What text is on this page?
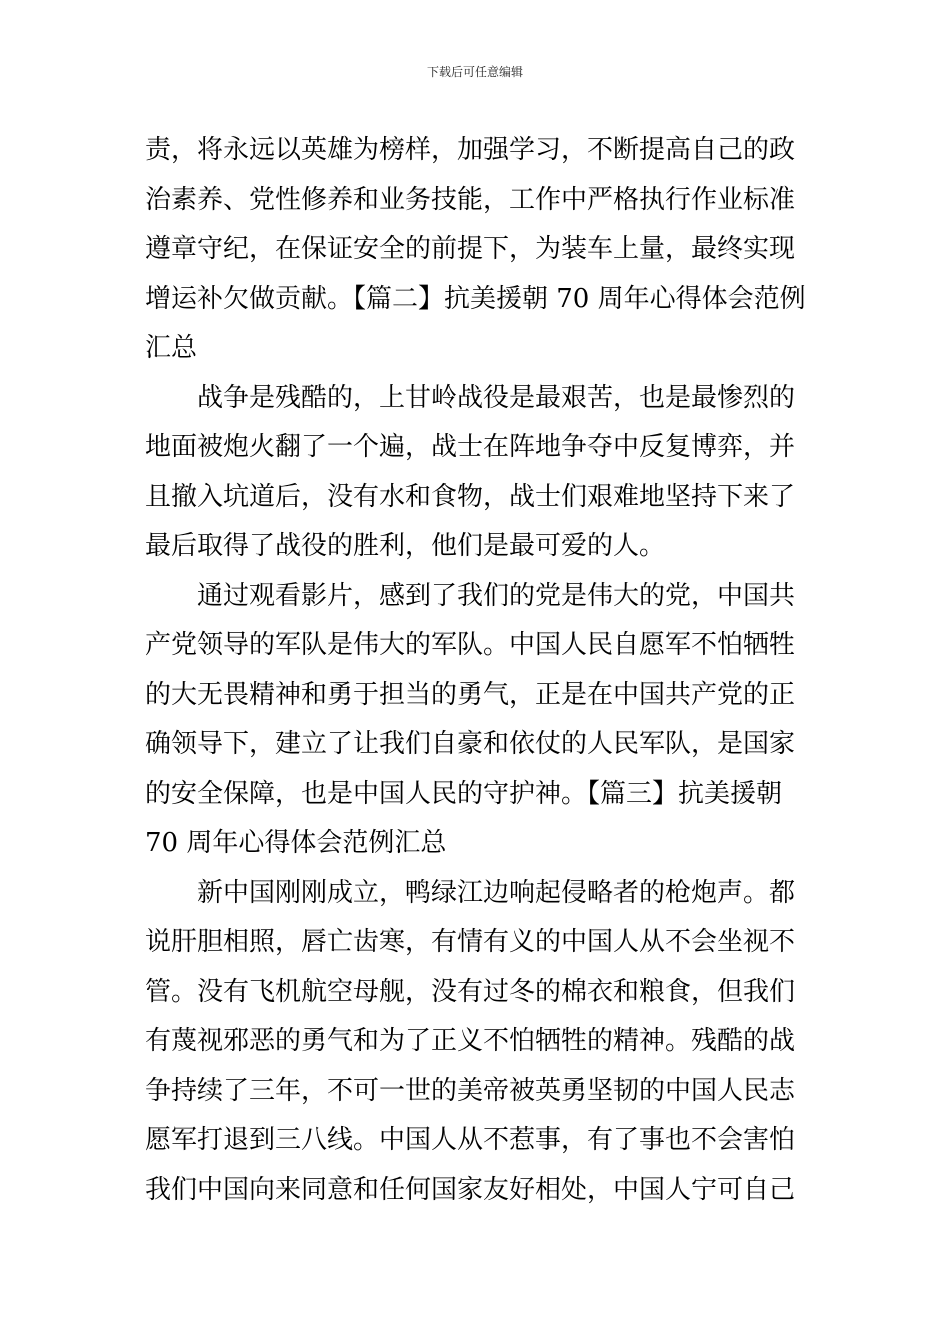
下载后可任意编辑

责，将永远以英雄为榜样，加强学习，不断提高自己的政
治素养、党性修养和业务技能，工作中严格执行作业标准
遵章守纪，在保证安全的前提下，为装车上量，最终实现
增运补欠做贡献。【篇二】抗美援朝 70 周年心得体会范例
汇总

战争是残酷的，上甘岭战役是最艰苦，也是最惨烈的
地面被炮火翻了一个遍，战士在阵地争夺中反复博弈，并
且撤入坑道后，没有水和食物，战士们艰难地坚持下来了
最后取得了战役的胜利，他们是最可爱的人。

通过观看影片，感到了我们的党是伟大的党，中国共
产党领导的军队是伟大的军队。中国人民自愿军不怕牺牲
的大无畏精神和勇于担当的勇气，正是在中国共产党的正
确领导下，建立了让我们自豪和依仗的人民军队，是国家
的安全保障，也是中国人民的守护神。【篇三】抗美援朝
70 周年心得体会范例汇总

新中国刚刚成立，鸭绿江边响起侵略者的枪炮声。都
说肝胆相照，唇亡齿寒，有情有义的中国人从不会坐视不
管。没有飞机航空母舰，没有过冬的棉衣和粮食，但我们
有蔑视邪恶的勇气和为了正义不怕牺牲的精神。残酷的战
争持续了三年，不可一世的美帝被英勇坚韧的中国人民志
愿军打退到三八线。中国人从不惹事，有了事也不会害怕
我们中国向来同意和任何国家友好相处，中国人宁可自己
